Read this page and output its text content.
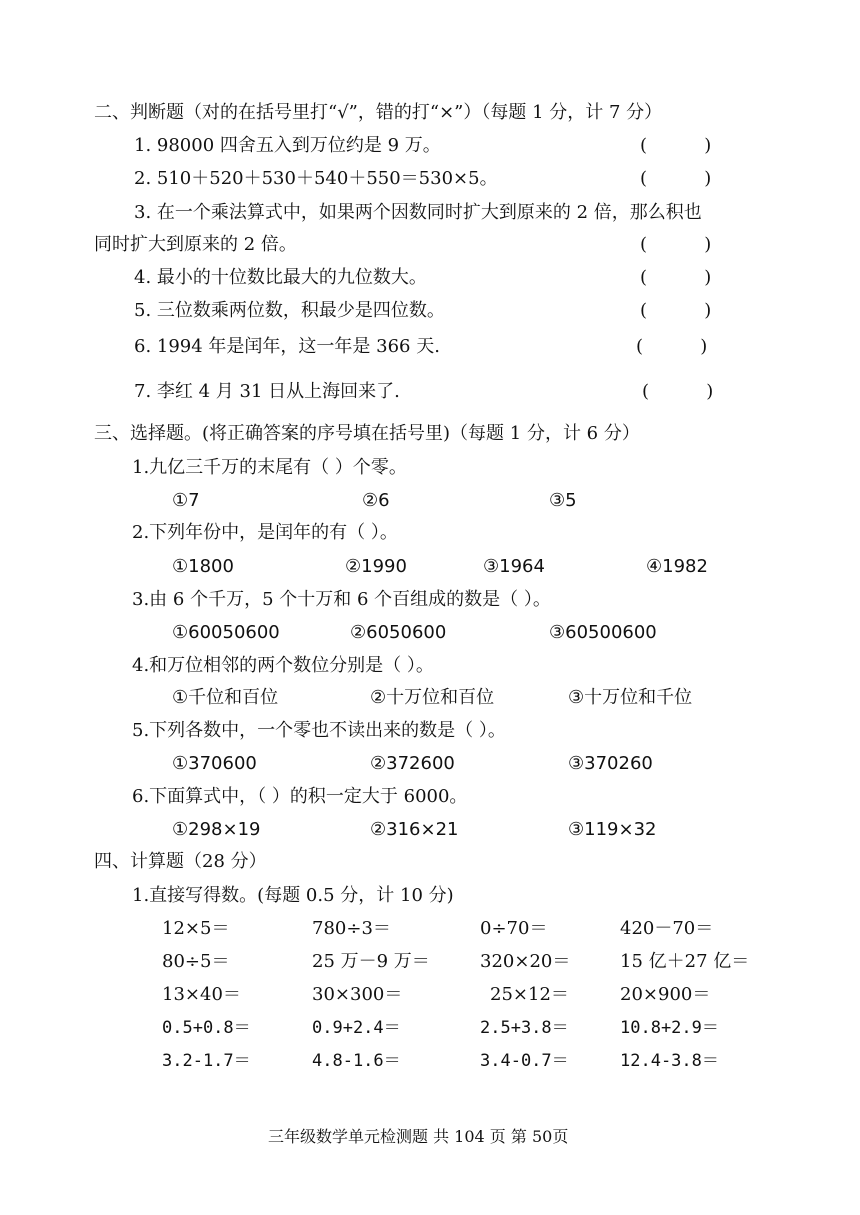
二、判断题（对的在括号里打“√”，错的打“×”）（每题 1 分，计 7 分）
1. 98000 四舍五入到万位约是 9 万。	(          )
2. 510＋520＋530＋540＋550＝530×5。	(          )
3. 在一个乘法算式中，如果两个因数同时扩大到原来的 2 倍，那么积也
同时扩大到原来的 2 倍。	(          )
4. 最小的十位数比最大的九位数大。	(          )
5. 三位数乘两位数，积最少是四位数。	(          )
6. 1994 年是闰年，这一年是 366 天.	(          )
7. 李红 4 月 31 日从上海回来了.	(          )
三、选择题。(将正确答案的序号填在括号里)（每题 1 分，计 6 分）
1.九亿三千万的末尾有（ ）个零。
①7	②6	③5
2.下列年份中，是闰年的有（ ）。
①1800	②1990	③1964	④1982
3.由 6 个千万，5 个十万和 6 个百组成的数是（ ）。
①60050600	②6050600	③60500600
4.和万位相邻的两个数位分别是（ ）。
①千位和百位	②十万位和百位	③十万位和千位
5.下列各数中，一个零也不读出来的数是（ ）。
①370600	②372600	③370260
6.下面算式中，（ ）的积一定大于 6000。
①298×19	②316×21	③119×32
四、计算题（28 分）
1.直接写得数。(每题 0.5 分，计 10 分)
12×5＝	780÷3＝	0÷70＝	420－70＝
80÷5＝	25 万－9 万＝	320×20＝	15 亿＋27 亿＝
13×40＝	30×300＝	25×12＝	20×900＝
0.5+0.8＝	0.9+2.4＝	2.5+3.8＝	10.8+2.9＝
3.2-1.7＝	4.8-1.6＝	3.4-0.7＝	12.4-3.8＝
三年级数学单元检测题 共 104 页 第 50页
